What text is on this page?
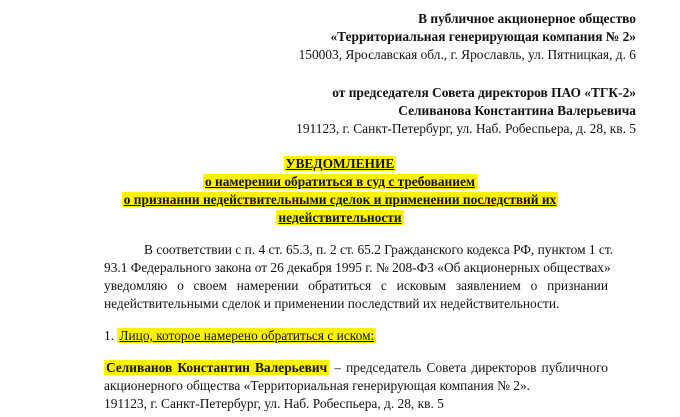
В публичное акционерное общество
«Территориальная генерирующая компания № 2»
150003, Ярославская обл., г. Ярославль, ул. Пятницкая, д. 6
от председателя Совета директоров ПАО «ТГК-2»
Селиванова Константина Валерьевича
191123, г. Санкт-Петербург, ул. Наб. Робеспьера, д. 28, кв. 5
УВЕДОМЛЕНИЕ
о намерении обратиться в суд с требованием
о признании недействительными сделок и применении последствий их
недействительности
В соответствии с п. 4 ст. 65.3, п. 2 ст. 65.2 Гражданского кодекса РФ, пунктом 1 ст.
93.1 Федерального закона от 26 декабря 1995 г. № 208-ФЗ «Об акционерных обществах»
уведомляю о своем намерении обратиться с исковым заявлением о признании
недействительными сделок и применении последствий их недействительности.
1. Лицо, которое намерено обратиться с иском:
Селиванов Константин Валерьевич – председатель Совета директоров публичного
акционерного общества «Территориальная генерирующая компания № 2».
191123, г. Санкт-Петербург, ул. Наб. Робеспьера, д. 28, кв. 5
